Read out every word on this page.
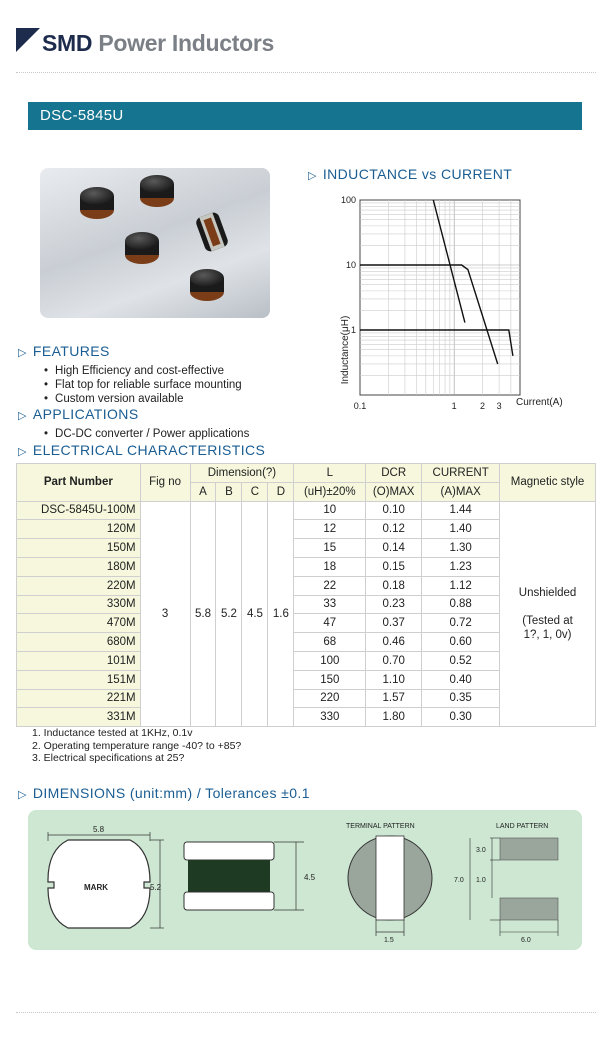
SMD Power Inductors
DSC-5845U
▷ INDUCTANCE vs CURRENT
100
10
1
0.1	1	2 3
Inductance(μH)
Current(A)
▷ FEATURES
• High Efficiency and cost-effective
• Flat top for reliable surface mounting
• Custom version available
▷ APPLICATIONS
• DC-DC converter / Power applications
▷ ELECTRICAL CHARACTERISTICS
Part Number	Fig no	Dimension(?)				L	DCR	CURRENT	Magnetic style
		A	B	C	D	(uH)±20%	(O)MAX	(A)MAX	
DSC-5845U-100M	3	5.8	5.2	4.5	1.6	10	0.10	1.44	Unshielded
(Tested at
1?, 1, 0v)

120M						12	0.12	1.40	
150M						15	0.14	1.30	
180M						18	0.15	1.23	
220M						22	0.18	1.12	
330M						33	0.23	0.88	
470M						47	0.37	0.72	
680M						68	0.46	0.60	
101M						100	0.70	0.52	
151M						150	1.10	0.40	
221M						220	1.57	0.35	
331M						330	1.80	0.30	
1. Inductance tested at 1KHz, 0.1v
2. Operating temperature range -40? to +85?
3. Electrical specifications at 25?
▷ DIMENSIONS (unit:mm) / Tolerances ±0.1
5.8
MARK	5.2
4.5
TERMINAL PATTERN
1.5
LAND PATTERN
3.0
7.0 1.0
6.0
